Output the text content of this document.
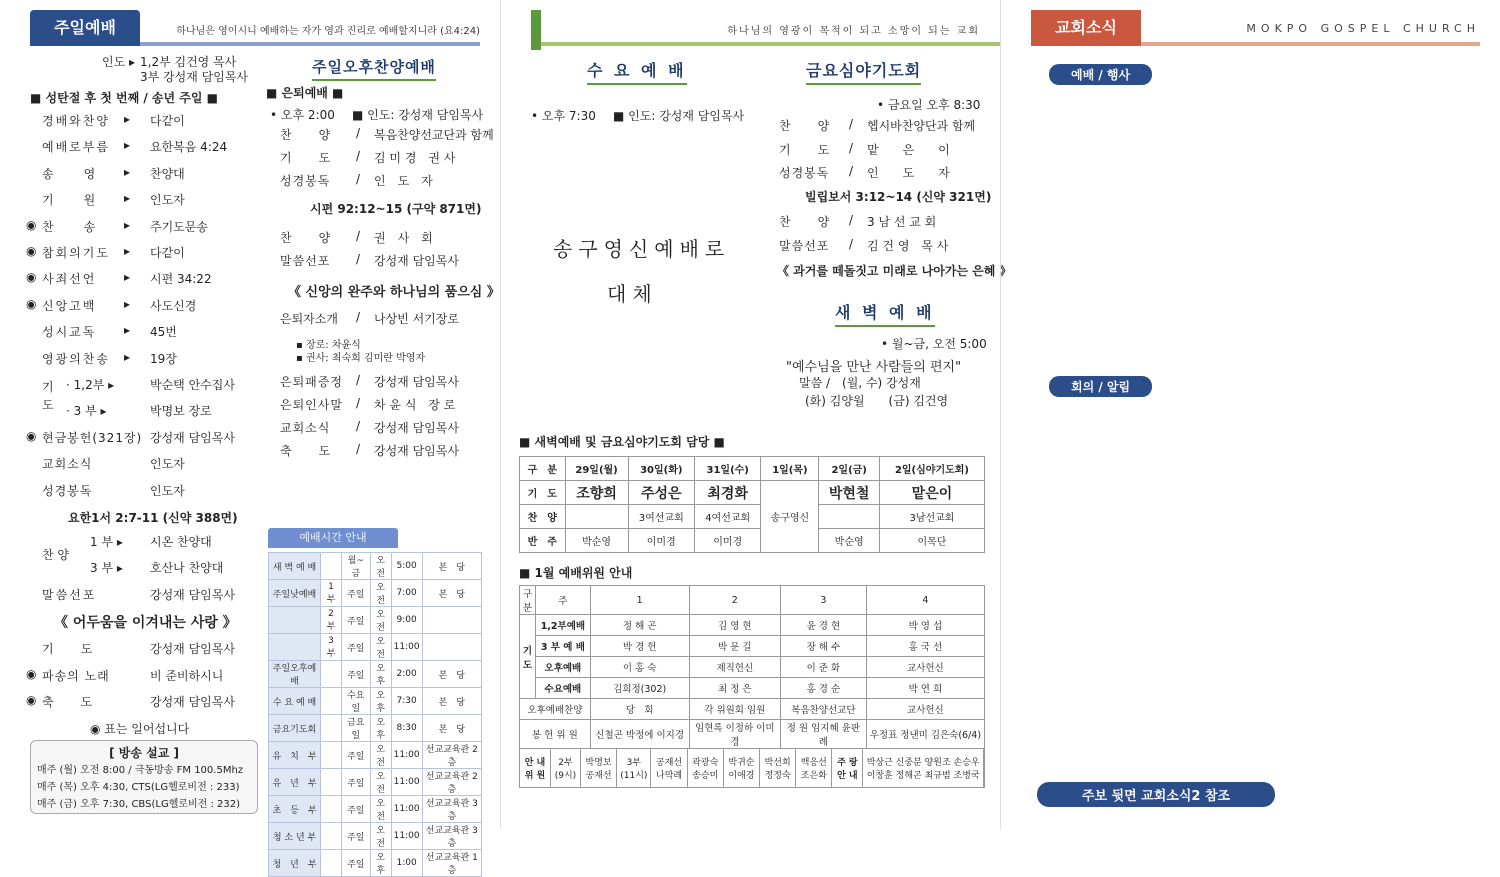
주일예배	하나님은 영이시니 예배하는 자가 영과 진리로 예배할지니라 (요4:24)
인도 ▸ 1,2부 김건영 목사
3부 강성재 담임목사
■ 성탄절 후 첫 번째 / 송년 주일 ■
경배와찬양 ▸ 다같이
예배로부름 ▸ 요한복음 4:24
송　　영 ▸ 찬양대
기　　원 ▸ 인도자
◉ 찬　　송 ▸ 주기도문송
◉ 참회의기도 ▸ 다같이
◉ 사죄선언 ▸ 시편 34:22
◉ 신앙고백 ▸ 사도신경
성시교독 ▸ 45번
영광의찬송 ▸ 19장
기 도
· 1,2부 ▸	박순택 안수집사
· 3 부 ▸	박명보 장로
◉ 현금봉헌(321장) 강성재 담임목사
교회소식	인도자
성경봉독	인도자
요한1서 2:7-11 (신약 388면)
찬 양
1 부 ▸ 시온 찬양대
3 부 ▸ 호산나 찬양대
말씀선포	강성재 담임목사
《 어두움을 이겨내는 사랑 》
기　　도	강성재 담임목사
◉ 파송의 노래	비 준비하시니
◉ 축　　도	강성재 담임목사
◉ 표는 일어섭니다
[ 방송 설교 ]
매주 (월) 오전 8:00 / 극동방송 FM 100.5Mhz
매주 (목) 오후 4:30, CTS(LG헬로비전 : 233)
매주 (금) 오후 7:30, CBS(LG헬로비전 : 232)
주일오후찬양예배
■ 은퇴예배 ■
• 오후 2:00 ■ 인도: 강성재 담임목사
찬　　양 / 복음찬양선교단과 함께
기　　도 / 김 미 경　권 사
성경봉독 / 인　도　자
시편 92:12~15 (구약 871면)
찬　　양 / 권　사　회
말씀선포 / 강성재 담임목사
《 신앙의 완주와 하나님의 품으심 》
은퇴자소개 / 나상빈 서기장로
▪ 장로: 차윤식
▪ 권사: 최숙희 김미란 박영자
은퇴패증정 / 강성재 담임목사
은퇴인사말 / 차 윤 식　장 로
교회소식 / 강성재 담임목사
축　　도 / 강성재 담임목사
예배시간 안내
새 벽 예 배		월~금	오전	5:00	본　당
주일낮예배	1 부	주일	오전	7:00	본　당
	2 부	주일	오전	9:00	
	3 부	주일	오전	11:00	
주일오후예배		주일	오후	2:00	본　당
수 요 예 배		수요일	오후	7:30	본　당
금요기도회		금요일	오후	8:30	본　당
유　치　부		주일	오전	11:00	선교교육관 2층
유　년　부		주일	오전	11:00	선교교육관 2층
초　등　부		주일	오전	11:00	선교교육관 3층
청 소 년 부		주일	오전	11:00	선교교육관 3층
청　년　부		주일	오후	1:00	선교교육관 1층
하나님의 영광이 목적이 되고 소망이 되는 교회
수 요 예 배
• 오후 7:30 ■ 인도: 강성재 담임목사
송구영신예배로
대체
금요심야기도회
• 금요일 오후 8:30
찬　　양 / 헵시바찬양단과 함께
기　　도 / 맡　　은　　이
성경봉독 / 인　　도　　자
빌립보서 3:12~14 (신약 321면)
찬　　양 / 3 남 선 교 회
말씀선포 / 김 건 영　목 사
《 과거를 떼돌짓고 미래로 나아가는 은혜 》
새 벽 예 배
• 월~금, 오전 5:00
"예수님을 만난 사람들의 편지"
말씀 /　(월, 수) 강성재
(화) 김양월　　(금) 김건영
■ 새벽예배 및 금요심야기도회 담당 ■
구　분	29일(월)	30일(화)	31일(수)	1일(목)	2일(금)	2일(심야기도회)
기　도	조향희	주성은	최경화	송구영신	박현철	맡은이
찬　양		3여선교회	4여선교회			3남선교회
반　주	박순영	이미경	이미경		박순영	이목단
■ 1월 예배위원 안내
구분	주	1	2	3	4
기도	1,2부예배	정 해 곤	김 영 현	윤 경 현	박 영 섭
3 부 예 배	박 경 헌	박 문 길	장 해 수	홍 국 선
오후예배	이 홍 숙	제직헌신	이 준 화	교사헌신
수요예배	김희정(302)	최 정 은	홍 경 순	박 연 희
오후예배찬양	당　회	각 위원회 임원	복음찬양선교단	교사헌신
봉 헌 위 원	신철곤 박정에 이지경	임현록 이정하 이미경	정 원 임지혜 윤판례	우정표 정낸미 김은숙(6/4)

안 내 위 원	2부 (9시)	박명보 공재선	3부 (11시)	공재선 나막례	곽광숙 송승미	박귀순 이애경	박선희 정정숙	백응선 조은화	주 랑 안 내	박상근 신중분 양원조 손승우 이창훈 정해곤 최규범 조병국
교회소식	MOKPO GOSPEL CHURCH
예배 / 행사
회의 / 알림
주보 뒷면 교회소식2 참조
